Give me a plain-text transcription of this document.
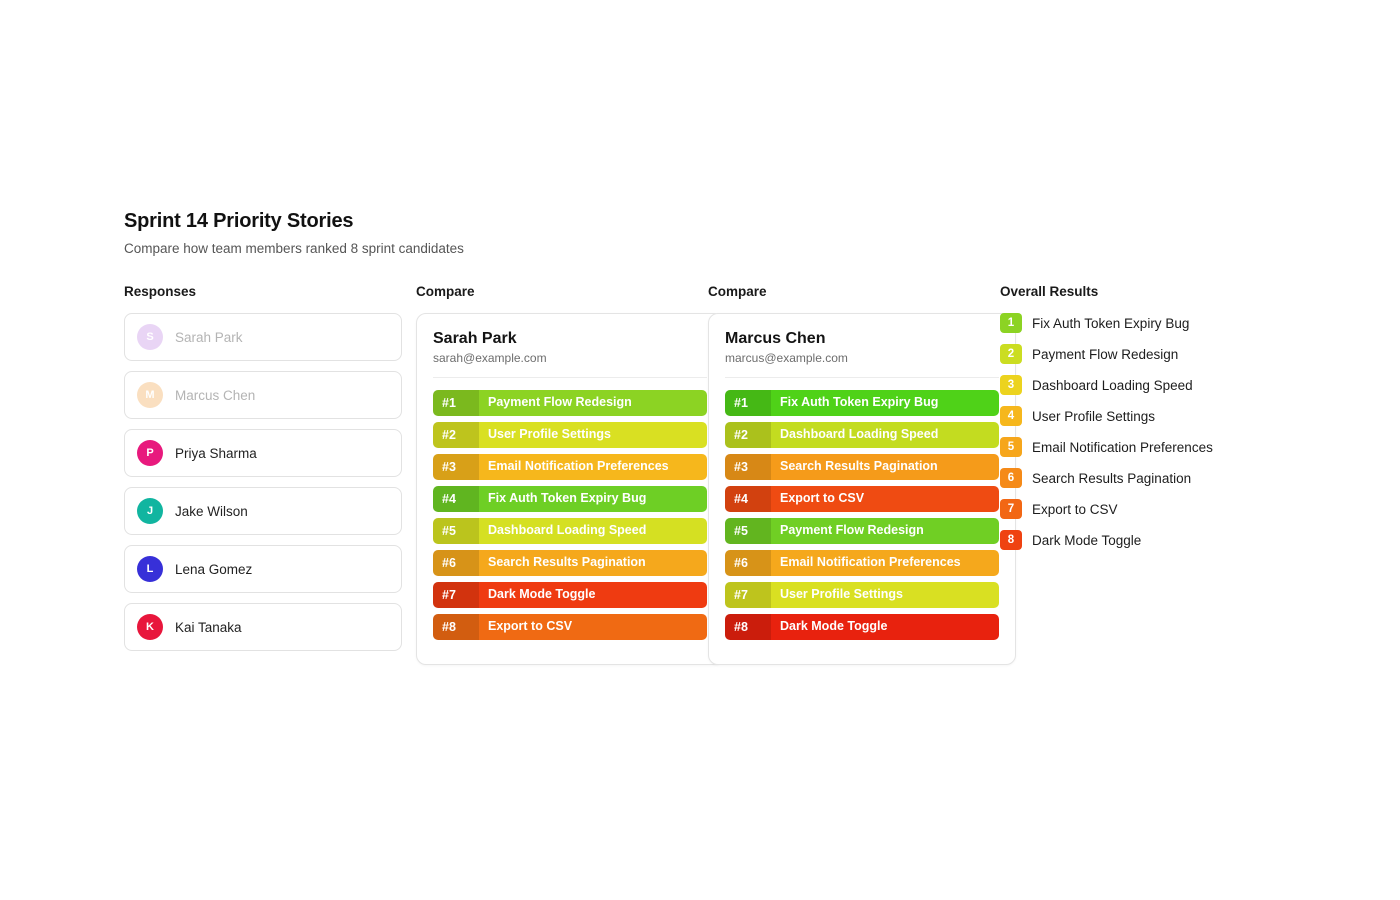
Sprint 14 Priority Stories

Compare how team members ranked 8 sprint candidates

Responses
S	Sarah Park
M	Marcus Chen
P	Priya Sharma
J	Jake Wilson
L	Lena Gomez
K	Kai Tanaka
Compare
Sarah Park
sarah@example.com
#1	Payment Flow Redesign
#2	User Profile Settings
#3	Email Notification Preferences
#4	Fix Auth Token Expiry Bug
#5	Dashboard Loading Speed
#6	Search Results Pagination
#7	Dark Mode Toggle
#8	Export to CSV
Compare
Marcus Chen
marcus@example.com
#1	Fix Auth Token Expiry Bug
#2	Dashboard Loading Speed
#3	Search Results Pagination
#4	Export to CSV
#5	Payment Flow Redesign
#6	Email Notification Preferences
#7	User Profile Settings
#8	Dark Mode Toggle
Overall Results
1	Fix Auth Token Expiry Bug
2	Payment Flow Redesign
3	Dashboard Loading Speed
4	User Profile Settings
5	Email Notification Preferences
6	Search Results Pagination
7	Export to CSV
8	Dark Mode Toggle
